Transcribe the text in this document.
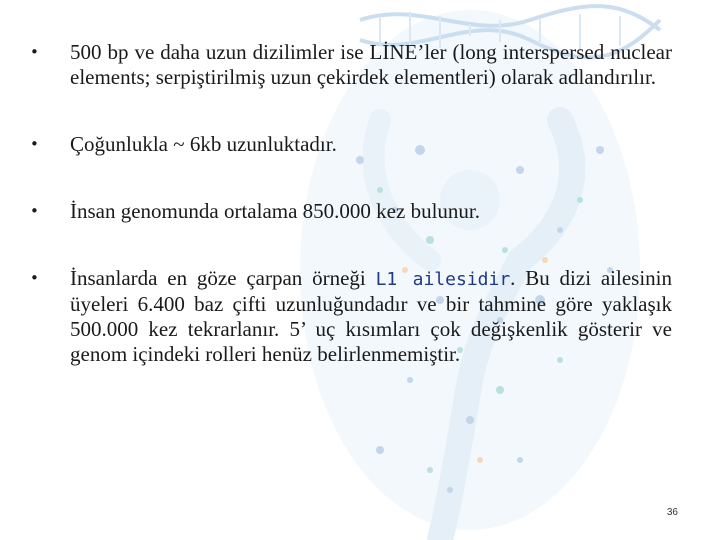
• 500 bp ve daha uzun dizilimler ise LİNE’ler (long interspersed nuclear elements; serpiştirilmiş uzun çekirdek elementleri) olarak adlandırılır.
• Çoğunlukla ~ 6kb uzunluktadır.
• İnsan genomunda ortalama 850.000 kez bulunur.
• İnsanlarda en göze çarpan örneği L1 ailesidir. Bu dizi ailesinin üyeleri 6.400 baz çifti uzunluğundadır ve bir tahmine göre yaklaşık 500.000 kez tekrarlanır. 5’ uç kısımları çok değişkenlik gösterir ve genom içindeki rolleri henüz belirlenmemiştir.
36
